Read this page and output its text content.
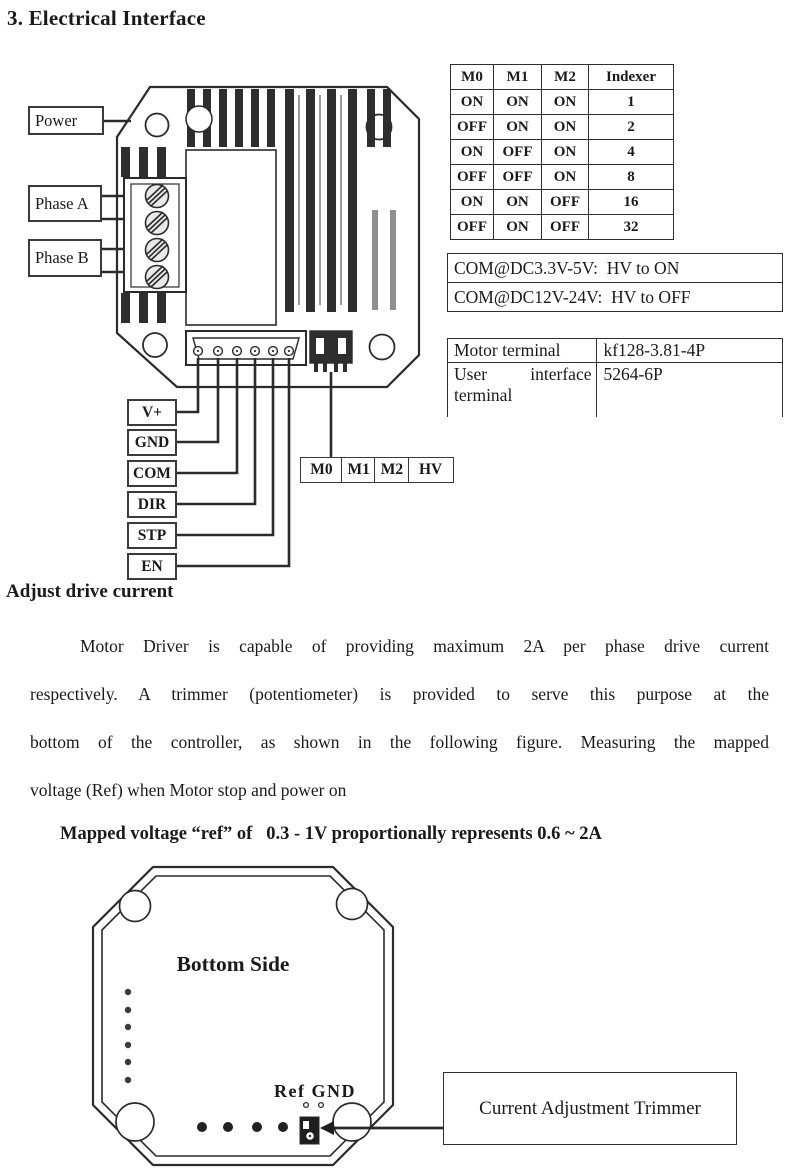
Bottom Side
Ref GND
3. Electrical Interface
Power
Phase A
Phase B
M0	M1	M2	Indexer
ON	ON	ON	1
OFF	ON	ON	2
ON	OFF	ON	4
OFF	OFF	ON	8
ON	ON	OFF	16
OFF	ON	OFF	32
COM@DC3.3V-5V:  HV to ON
COM@DC12V-24V:  HV to OFF
Motor terminal	kf128-3.81-4P
User interface terminal	5264-6P
V+
GND
COM
DIR
STP
EN
M0 M1 M2	HV
Adjust drive current
Motor Driver is capable of providing maximum 2A per phase drive current
respectively. A trimmer (potentiometer) is provided to serve this purpose at the
bottom of the controller, as shown in the following figure. Measuring the mapped
voltage (Ref) when Motor stop and power on
Mapped voltage “ref” of   0.3 - 1V proportionally represents 0.6 ~ 2A
Current Adjustment Trimmer
